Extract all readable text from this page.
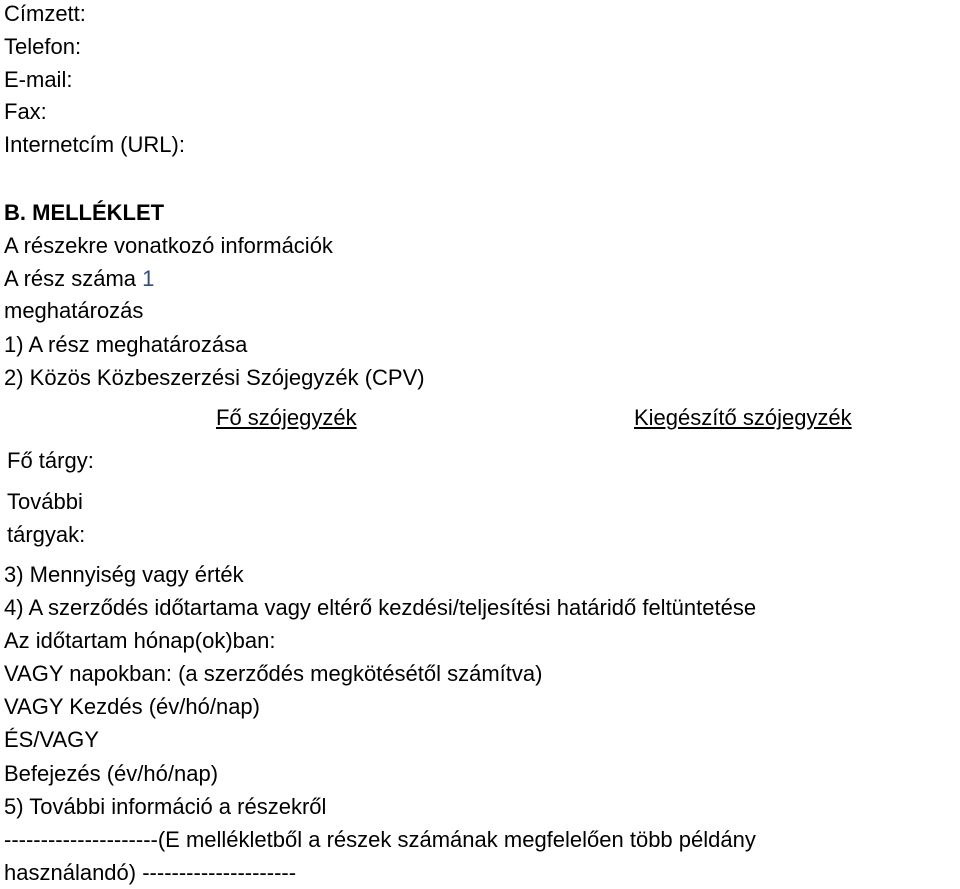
Címzett:
Telefon:
E-mail:
Fax:
Internetcím (URL):
B. MELLÉKLET
A részekre vonatkozó információk
A rész száma 1
meghatározás
1) A rész meghatározása
2) Közös Közbeszerzési Szójegyzék (CPV)
Fő szójegyzék	Kiegészítő szójegyzék
Fő tárgy:
További
tárgyak:
3) Mennyiség vagy érték
4) A szerződés időtartama vagy eltérő kezdési/teljesítési határidő feltüntetése
Az időtartam hónap(ok)ban:
VAGY napokban: (a szerződés megkötésétől számítva)
VAGY Kezdés (év/hó/nap)
ÉS/VAGY
Befejezés (év/hó/nap)
5) További információ a részekről
---------------------(E mellékletből a részek számának megfelelően több példány
használandó) ---------------------
